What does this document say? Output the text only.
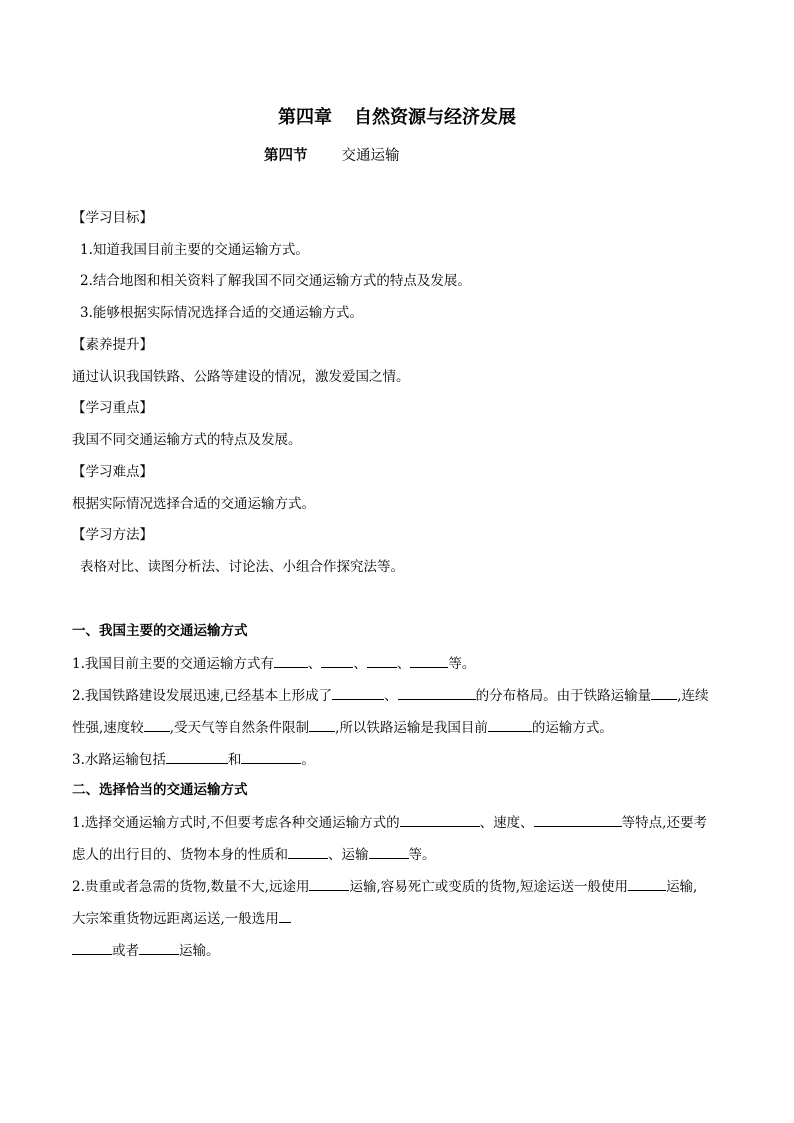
第四章 自然资源与经济发展
第四节 交通运输
【学习目标】
1.知道我国目前主要的交通运输方式。
2.结合地图和相关资料了解我国不同交通运输方式的特点及发展。
3.能够根据实际情况选择合适的交通运输方式。
【素养提升】
通过认识我国铁路、公路等建设的情况，激发爱国之情。
【学习重点】
我国不同交通运输方式的特点及发展。
【学习难点】
根据实际情况选择合适的交通运输方式。
【学习方法】
表格对比、读图分析法、讨论法、小组合作探究法等。
一、我国主要的交通运输方式
1.我国目前主要的交通运输方式有	、 、 、	等。
2.我国铁路建设发展迅速,已经基本上形成了	、	的分布格局。由于铁路运输量 ,连续
性强,速度较 ,受天气等自然条件限制 ,所以铁路运输是我国目前	的运输方式。
3.水路运输包括	和	。
二、选择恰当的交通运输方式
1.选择交通运输方式时,不但要考虑各种交通运输方式的	、速度、	等特点,还要考
虑人的出行目的、货物本身的性质和	、运输	等。
2.贵重或者急需的货物,数量不大,远途用	运输,容易死亡或变质的货物,短途运送一般使用	运输,
大宗笨重货物远距离运送,一般选用
或者	运输。
